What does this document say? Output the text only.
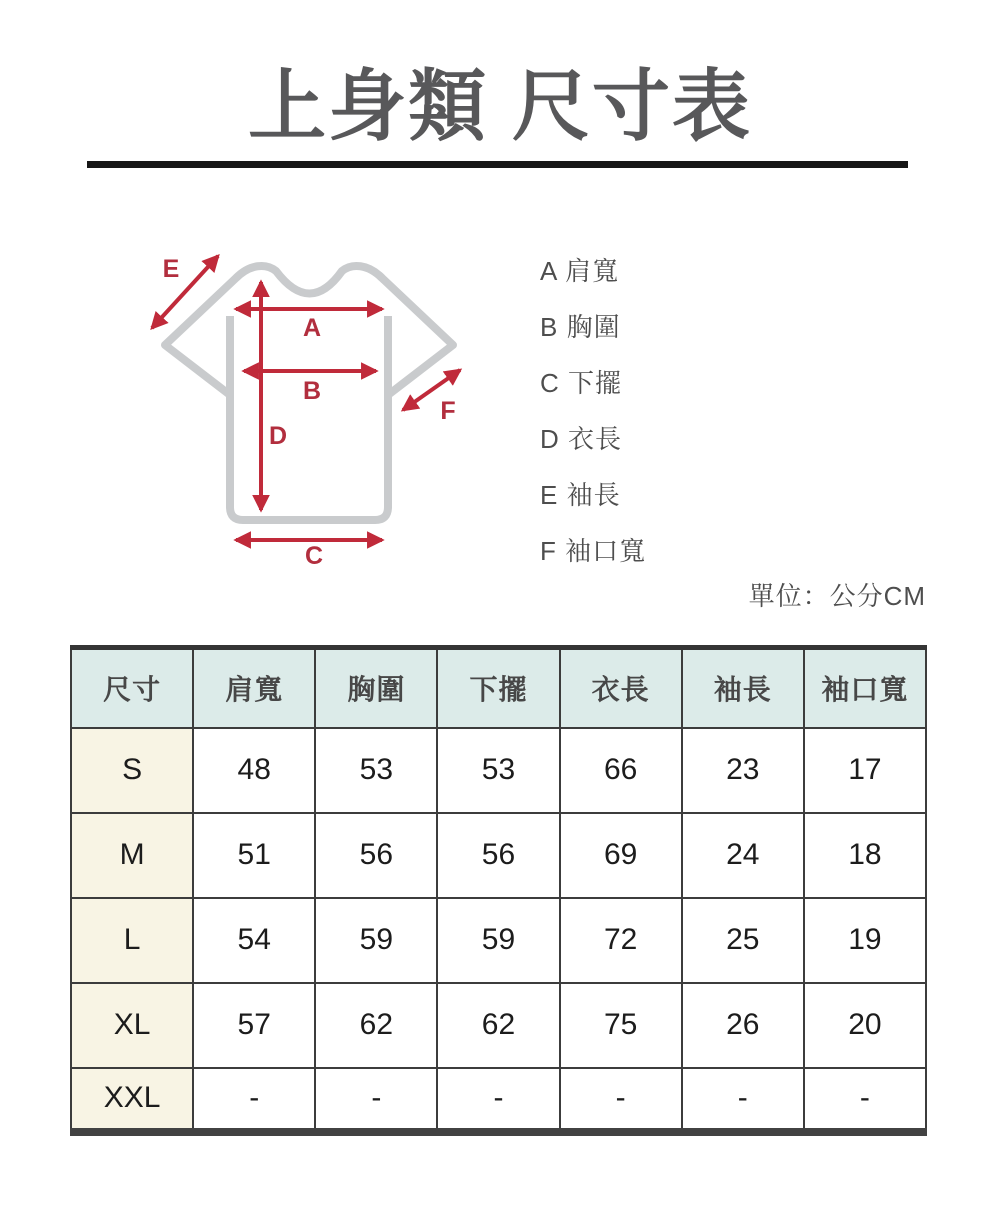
上身類 尺寸表
A
B
C
D
E
F
A 肩寬
B 胸圍
C 下擺
D 衣長
E 袖長
F 袖口寬
單位：公分CM
尺寸	肩寬	胸圍	下擺	衣長	袖長	袖口寬
S	48	53	53	66	23	17
M	51	56	56	69	24	18
L	54	59	59	72	25	19
XL	57	62	62	75	26	20
XXL	-	-	-	-	-	-
